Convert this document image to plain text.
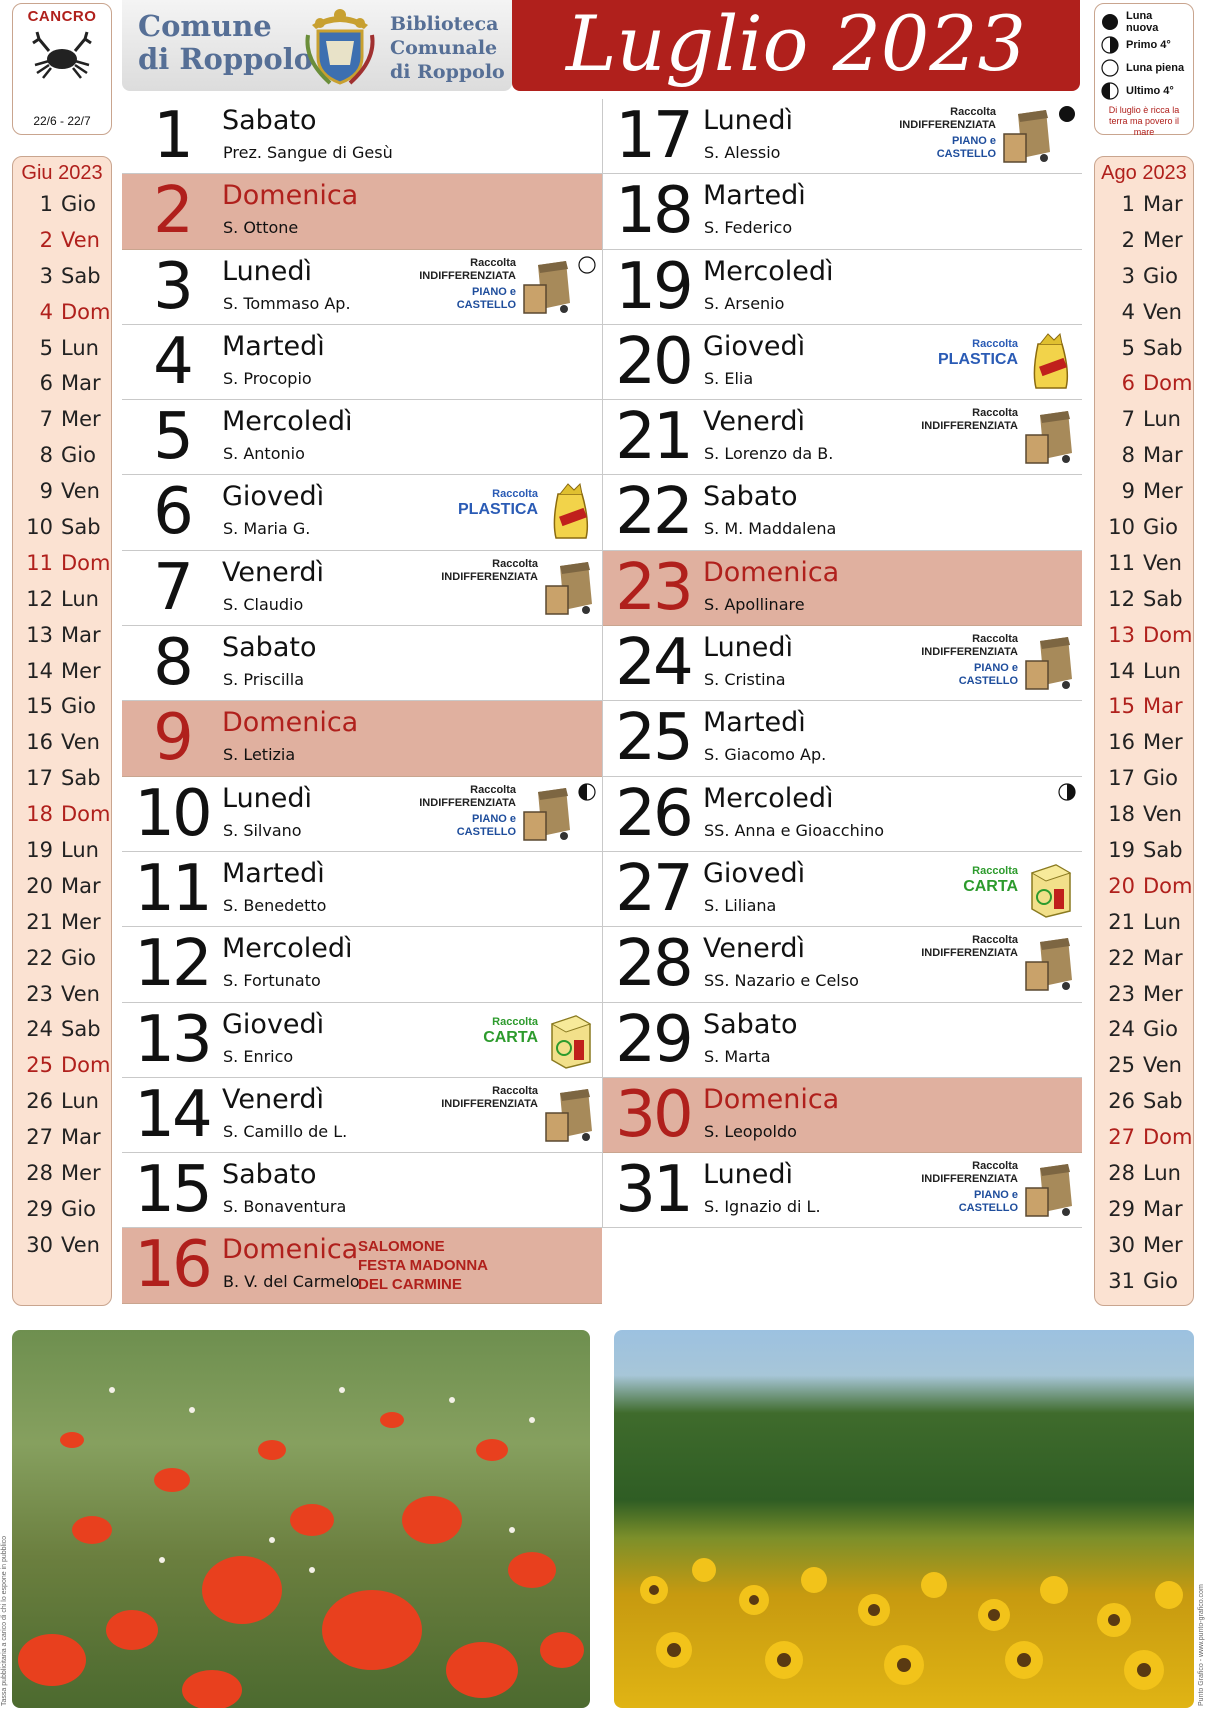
CANCRO
22/6 - 22/7
Comune
di Roppolo
Biblioteca
Comunale
di Roppolo Luglio 2023	Luna nuova
Primo 4°
Luna piena
Ultimo 4°
Di luglio è ricca la terra ma povero il mare
Giu 2023
1 Gio
2 Ven
3 Sab
4 Dom
5 Lun
6 Mar
7 Mer
8 Gio
9 Ven
10 Sab
11 Dom
12 Lun
13 Mar
14 Mer
15 Gio
16 Ven
17 Sab
18 Dom
19 Lun
20 Mar
21 Mer
22 Gio
23 Ven
24 Sab
25 Dom
26 Lun
27 Mar
28 Mer
29 Gio
30 Ven
Ago 2023
1 Mar
2 Mer
3 Gio
4 Ven
5 Sab
6 Dom
7 Lun
8 Mar
9 Mer
10 Gio
11 Ven
12 Sab
13 Dom
14 Lun
15 Mar
16 Mer
17 Gio
18 Ven
19 Sab
20 Dom
21 Lun
22 Mar
23 Mer
24 Gio
25 Ven
26 Sab
27 Dom
28 Lun
29 Mar
30 Mer
31 Gio
1	Sabato
Prez. Sangue di Gesù
2	Domenica
S. Ottone
3	Lunedì
S. Tommaso Ap.
Raccolta
INDIFFERENZIATA
PIANO e
CASTELLO
4	Martedì
S. Procopio
5	Mercoledì
S. Antonio
6	Giovedì
S. Maria G.
Raccolta
PLASTICA
7	Venerdì
S. Claudio
Raccolta
INDIFFERENZIATA
8	Sabato
S. Priscilla
9	Domenica
S. Letizia
10 Lunedì
S. Silvano
Raccolta
INDIFFERENZIATA
PIANO e
CASTELLO
11 Martedì
S. Benedetto
12 Mercoledì
S. Fortunato
13 Giovedì
S. Enrico
Raccolta
CARTA
14 Venerdì
S. Camillo de L.
Raccolta
INDIFFERENZIATA
15 Sabato
S. Bonaventura
16 Domenica
B. V. del Carmelo
SALOMONE
FESTA MADONNA
DEL CARMINE
17 Lunedì
S. Alessio
Raccolta
INDIFFERENZIATA
PIANO e
CASTELLO
18 Martedì
S. Federico
19 Mercoledì
S. Arsenio
20 Giovedì
S. Elia
Raccolta
PLASTICA
21 Venerdì
S. Lorenzo da B.
Raccolta
INDIFFERENZIATA
22 Sabato
S. M. Maddalena
23 Domenica
S. Apollinare
24 Lunedì
S. Cristina
Raccolta
INDIFFERENZIATA
PIANO e
CASTELLO
25 Martedì
S. Giacomo Ap.
26 Mercoledì
SS. Anna e Gioacchino
27 Giovedì
S. Liliana
Raccolta
CARTA
28 Venerdì
SS. Nazario e Celso
Raccolta
INDIFFERENZIATA
29 Sabato
S. Marta
30 Domenica
S. Leopoldo
31 Lunedì
S. Ignazio di L.
Raccolta
INDIFFERENZIATA
PIANO e
CASTELLO
Tassa pubblicitaria a carico di chi lo espone in pubblico	Punto Grafico - www.punto-grafico.com
